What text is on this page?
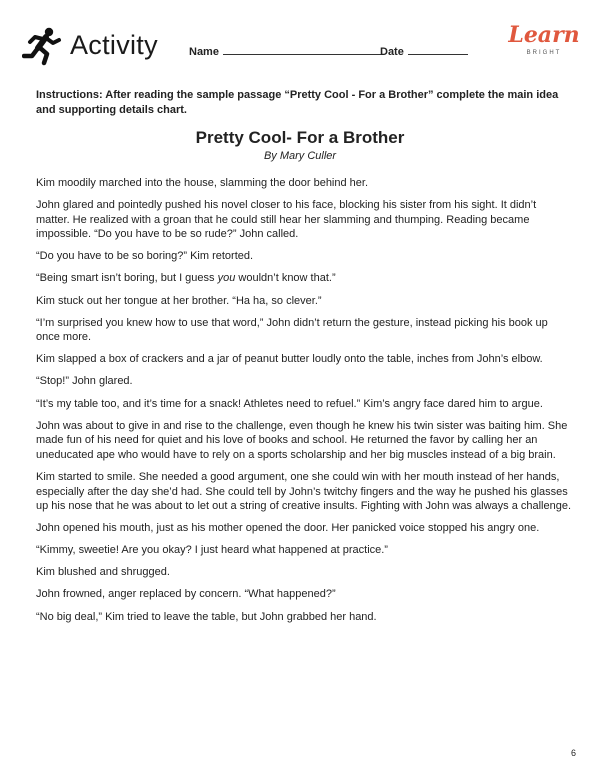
Activity	Name	Date
Learn
BRIGHT
Instructions: After reading the sample passage “Pretty Cool - For a Brother” complete the main idea and supporting details chart.
Pretty Cool- For a Brother
By Mary Culler

Kim moodily marched into the house, slamming the door behind her.

John glared and pointedly pushed his novel closer to his face, blocking his sister from his sight. It didn’t matter. He realized with a groan that he could still hear her slamming and thumping. Reading became impossible. “Do you have to be so rude?” John called.

“Do you have to be so boring?” Kim retorted.

“Being smart isn’t boring, but I guess you wouldn’t know that.”

Kim stuck out her tongue at her brother. “Ha ha, so clever.”

“I’m surprised you knew how to use that word,” John didn’t return the gesture, instead picking his book up once more.

Kim slapped a box of crackers and a jar of peanut butter loudly onto the table, inches from John’s elbow.

“Stop!” John glared.

“It’s my table too, and it’s time for a snack! Athletes need to refuel.” Kim’s angry face dared him to argue.

John was about to give in and rise to the challenge, even though he knew his twin sister was baiting him. She made fun of his need for quiet and his love of books and school. He returned the favor by calling her an uneducated ape who would have to rely on a sports scholarship and her big muscles instead of a big brain.

Kim started to smile. She needed a good argument, one she could win with her mouth instead of her hands, especially after the day she’d had. She could tell by John’s twitchy fingers and the way he pushed his glasses up his nose that he was about to let out a string of creative insults. Fighting with John was always a challenge.

John opened his mouth, just as his mother opened the door. Her panicked voice stopped his angry one.

“Kimmy, sweetie! Are you okay? I just heard what happened at practice.”

Kim blushed and shrugged.

John frowned, anger replaced by concern. “What happened?”

“No big deal,” Kim tried to leave the table, but John grabbed her hand.

6
